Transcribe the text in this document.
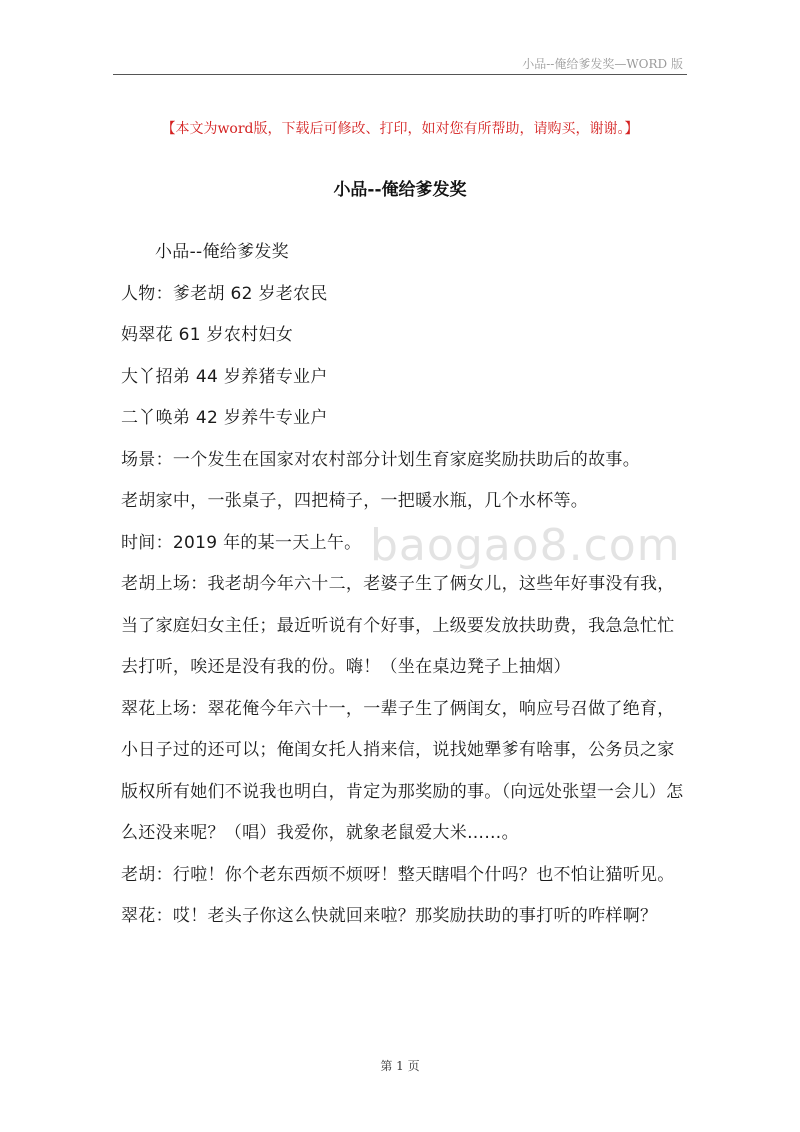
小品--俺给爹发奖—WORD 版
【本文为word版，下载后可修改、打印，如对您有所帮助，请购买，谢谢。】
小品--俺给爹发奖
baogao8.com

小品--俺给爹发奖

人物：爹老胡 62 岁老农民

妈翠花 61 岁农村妇女

大丫招弟 44 岁养猪专业户

二丫唤弟 42 岁养牛专业户

场景：一个发生在国家对农村部分计划生育家庭奖励扶助后的故事。

老胡家中，一张桌子，四把椅子，一把暖水瓶，几个水杯等。

时间：2019 年的某一天上午。

老胡上场：我老胡今年六十二，老婆子生了俩女儿，这些年好事没有我，当了家庭妇女主任；最近听说有个好事，上级要发放扶助费，我急急忙忙去打听，唉还是没有我的份。嗨！（坐在桌边凳子上抽烟）

翠花上场：翠花俺今年六十一，一辈子生了俩闺女，响应号召做了绝育，小日子过的还可以；俺闺女托人捎来信，说找她犟爹有啥事，公务员之家版权所有她们不说我也明白，肯定为那奖励的事。（向远处张望一会儿）怎么还没来呢？（唱）我爱你，就象老鼠爱大米……。

老胡：行啦！你个老东西烦不烦呀！整天瞎唱个什吗？也不怕让猫听见。

翠花：哎！老头子你这么快就回来啦？那奖励扶助的事打听的咋样啊？

第 1 页
